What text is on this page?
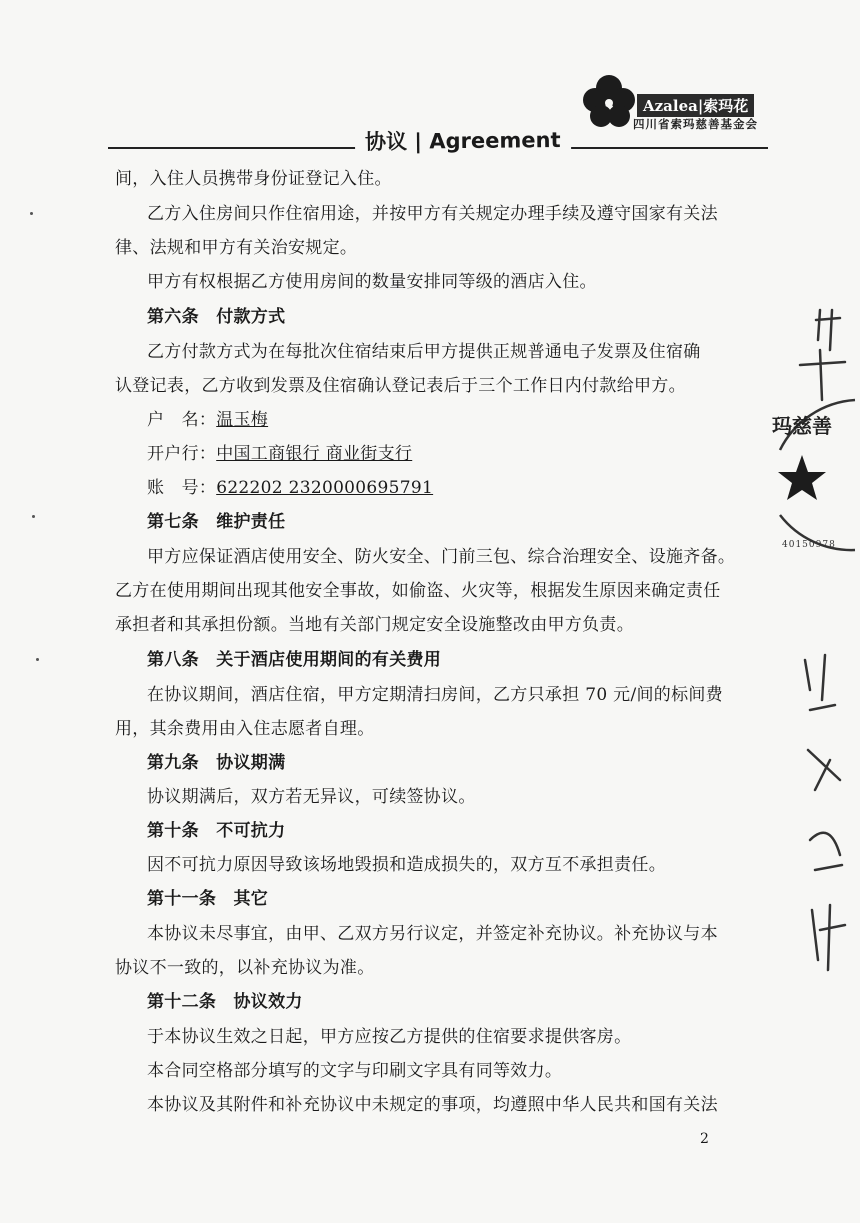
Azalea|索玛花
四川省索玛慈善基金会
协议 | Agreement
间，入住人员携带身份证登记入住。
乙方入住房间只作住宿用途，并按甲方有关规定办理手续及遵守国家有关法
律、法规和甲方有关治安规定。
甲方有权根据乙方使用房间的数量安排同等级的酒店入住。
第六条　付款方式
乙方付款方式为在每批次住宿结束后甲方提供正规普通电子发票及住宿确
认登记表，乙方收到发票及住宿确认登记表后于三个工作日内付款给甲方。
户　名：温玉梅
开户行：中国工商银行 商业街支行
账　号：622202 2320000695791
第七条　维护责任
甲方应保证酒店使用安全、防火安全、门前三包、综合治理安全、设施齐备。
乙方在使用期间出现其他安全事故，如偷盗、火灾等，根据发生原因来确定责任
承担者和其承担份额。当地有关部门规定安全设施整改由甲方负责。
第八条　关于酒店使用期间的有关费用
在协议期间，酒店住宿，甲方定期清扫房间，乙方只承担 70 元/间的标间费
用，其余费用由入住志愿者自理。
第九条　协议期满
协议期满后，双方若无异议，可续签协议。
第十条　不可抗力
因不可抗力原因导致该场地毁损和造成损失的，双方互不承担责任。
第十一条　其它
本协议未尽事宜，由甲、乙双方另行议定，并签定补充协议。补充协议与本
协议不一致的，以补充协议为准。
第十二条　协议效力
于本协议生效之日起，甲方应按乙方提供的住宿要求提供客房。
本合同空格部分填写的文字与印刷文字具有同等效力。
本协议及其附件和补充协议中未规定的事项，均遵照中华人民共和国有关法
2
玛慈善
40150978
